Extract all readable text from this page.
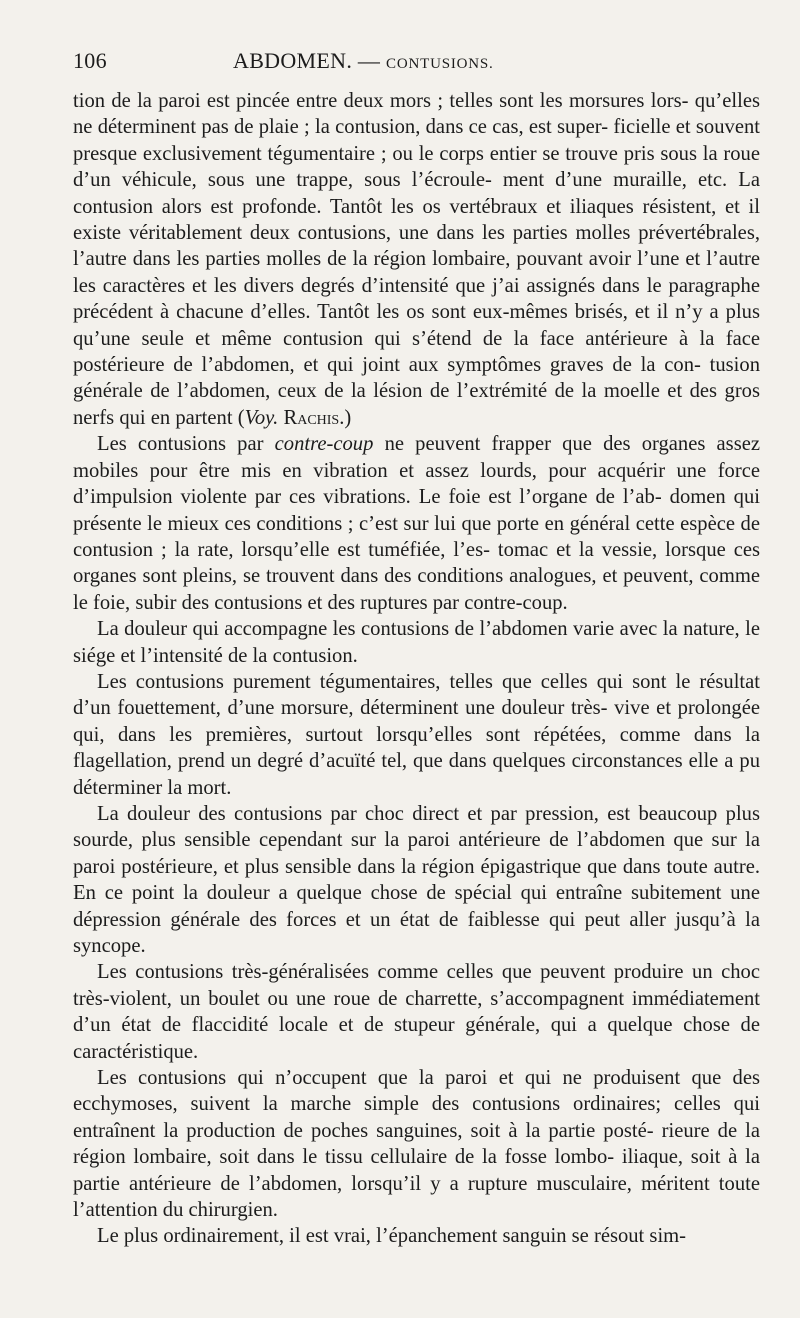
106	ABDOMEN. — CONTUSIONS.

tion de la paroi est pincée entre deux mors ; telles sont les morsures lors- qu’elles ne déterminent pas de plaie ; la contusion, dans ce cas, est super- ficielle et souvent presque exclusivement tégumentaire ; ou le corps entier se trouve pris sous la roue d’un véhicule, sous une trappe, sous l’écroule- ment d’une muraille, etc. La contusion alors est profonde. Tantôt les os vertébraux et iliaques résistent, et il existe véritablement deux contusions, une dans les parties molles prévertébrales, l’autre dans les parties molles de la région lombaire, pouvant avoir l’une et l’autre les caractères et les divers degrés d’intensité que j’ai assignés dans le paragraphe précédent à chacune d’elles. Tantôt les os sont eux-mêmes brisés, et il n’y a plus qu’une seule et même contusion qui s’étend de la face antérieure à la face postérieure de l’abdomen, et qui joint aux symptômes graves de la con- tusion générale de l’abdomen, ceux de la lésion de l’extrémité de la moelle et des gros nerfs qui en partent (Voy. Rachis.)

Les contusions par contre-coup ne peuvent frapper que des organes assez mobiles pour être mis en vibration et assez lourds, pour acquérir une force d’impulsion violente par ces vibrations. Le foie est l’organe de l’ab- domen qui présente le mieux ces conditions ; c’est sur lui que porte en général cette espèce de contusion ; la rate, lorsqu’elle est tuméfiée, l’es- tomac et la vessie, lorsque ces organes sont pleins, se trouvent dans des conditions analogues, et peuvent, comme le foie, subir des contusions et des ruptures par contre-coup.

La douleur qui accompagne les contusions de l’abdomen varie avec la nature, le siége et l’intensité de la contusion.

Les contusions purement tégumentaires, telles que celles qui sont le résultat d’un fouettement, d’une morsure, déterminent une douleur très- vive et prolongée qui, dans les premières, surtout lorsqu’elles sont répétées, comme dans la flagellation, prend un degré d’acuïté tel, que dans quelques circonstances elle a pu déterminer la mort.

La douleur des contusions par choc direct et par pression, est beaucoup plus sourde, plus sensible cependant sur la paroi antérieure de l’abdomen que sur la paroi postérieure, et plus sensible dans la région épigastrique que dans toute autre. En ce point la douleur a quelque chose de spécial qui entraîne subitement une dépression générale des forces et un état de faiblesse qui peut aller jusqu’à la syncope.

Les contusions très-généralisées comme celles que peuvent produire un choc très-violent, un boulet ou une roue de charrette, s’accompagnent immédiatement d’un état de flaccidité locale et de stupeur générale, qui a quelque chose de caractéristique.

Les contusions qui n’occupent que la paroi et qui ne produisent que des ecchymoses, suivent la marche simple des contusions ordinaires; celles qui entraînent la production de poches sanguines, soit à la partie posté- rieure de la région lombaire, soit dans le tissu cellulaire de la fosse lombo- iliaque, soit à la partie antérieure de l’abdomen, lorsqu’il y a rupture musculaire, méritent toute l’attention du chirurgien.

Le plus ordinairement, il est vrai, l’épanchement sanguin se résout sim-
